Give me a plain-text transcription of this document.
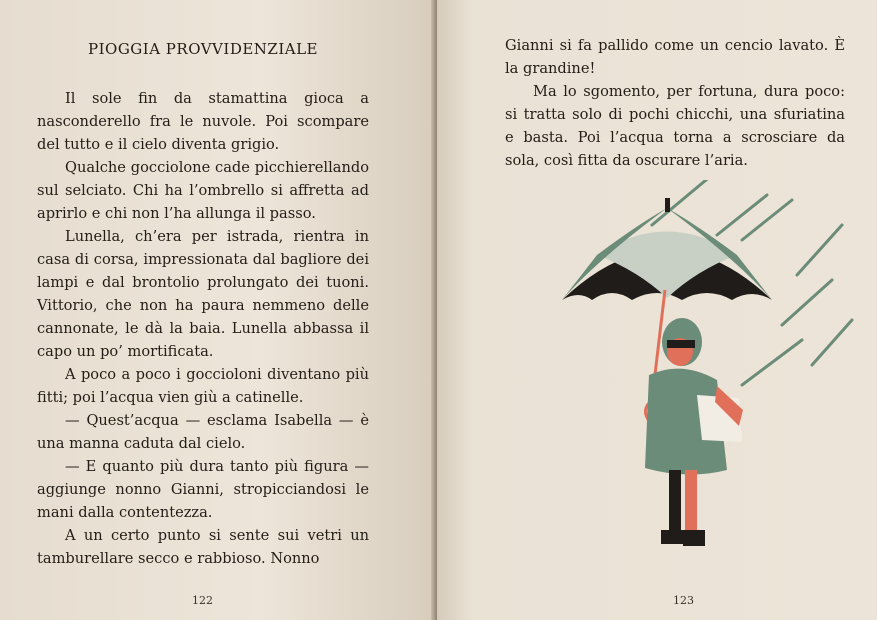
PIOGGIA PROVVIDENZIALE

Il sole fin da stamattina gioca a nasconderello fra le nuvole. Poi scompare del tutto e il cielo diventa grigio.

Qualche gocciolone cade picchierellando sul selciato. Chi ha l’ombrello si affretta ad aprirlo e chi non l’ha allunga il passo.

Lunella, ch’era per istrada, rientra in casa di corsa, impressionata dal bagliore dei lampi e dal brontolio prolungato dei tuoni. Vittorio, che non ha paura nemmeno delle cannonate, le dà la baia. Lunella abbassa il capo un po’ mortificata.

A poco a poco i goccioloni diventano più fitti; poi l’acqua vien giù a catinelle.

— Quest’acqua — esclama Isabella — è una manna caduta dal cielo.

— E quanto più dura tanto più figura — aggiunge nonno Gianni, stropicciandosi le mani dalla contentezza.

A un certo punto si sente sui vetri un tamburellare secco e rabbioso. Nonno

122

Gianni si fa pallido come un cencio lavato. È la grandine!

Ma lo sgomento, per fortuna, dura poco: si tratta solo di pochi chicchi, una sfuriatina e basta. Poi l’acqua torna a scrosciare da sola, così fitta da oscurare l’aria.

123
